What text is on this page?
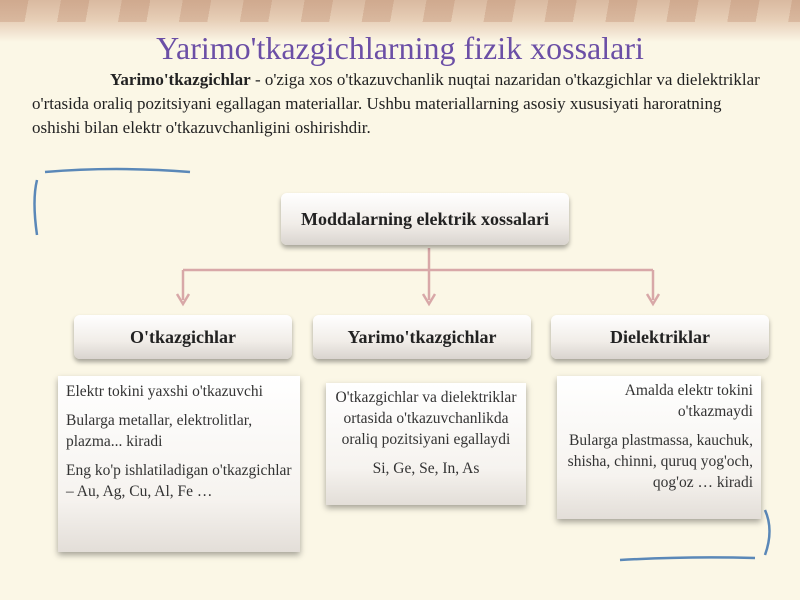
Yarimo'tkazgichlarning fizik xossalari
Yarimo'tkazgichlar - o'ziga xos o'tkazuvchanlik nuqtai nazaridan o'tkazgichlar va dielektriklar o'rtasida oraliq pozitsiyani egallagan materiallar. Ushbu materiallarning asosiy xususiyati haroratning oshishi bilan elektr o'tkazuvchanligini oshirishdir.
Moddalarning elektrik xossalari
O'tkazgichlar	Yarimo'tkazgichlar	Dielektriklar

Elektr tokini yaxshi o'tkazuvchi

Bularga metallar, elektrolitlar, plazma... kiradi

Eng ko'p ishlatiladigan o'tkazgichlar – Au, Ag, Cu, Al, Fe …

O'tkazgichlar va dielektriklar ortasida o'tkazuvchanlikda oraliq pozitsiyani egallaydi

Si, Ge, Se, In, As

Amalda elektr tokini o'tkazmaydi

Bularga plastmassa, kauchuk, shisha, chinni, quruq yog'och, qog'oz … kiradi
